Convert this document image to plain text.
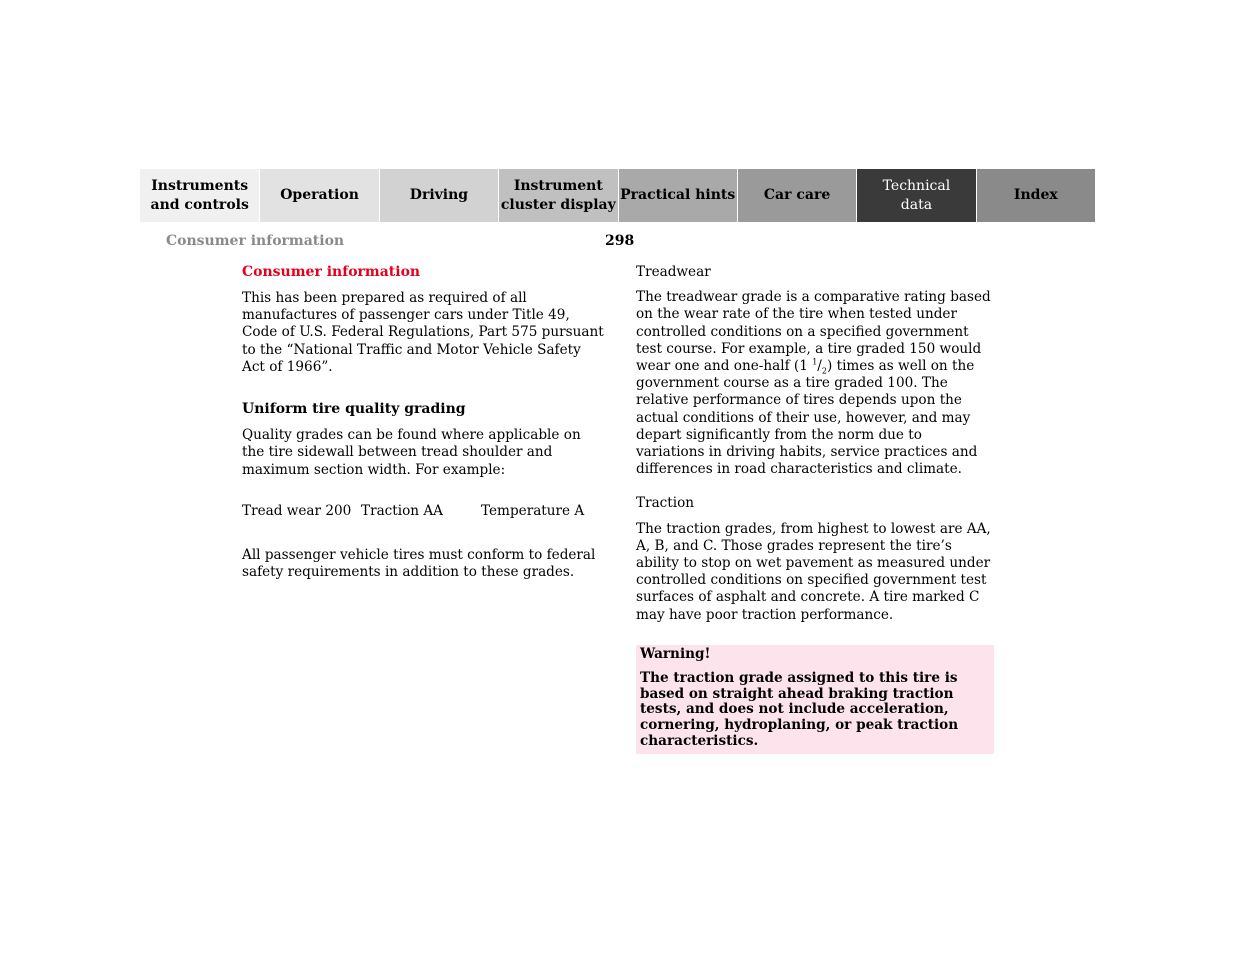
Instruments
and controls
Operation	Driving
Instrument
cluster display
Practical hints	Car care
Technical
data
Index
Consumer information	298

Consumer information

This has been prepared as required of all manufactures of passenger cars under Title 49, Code of U.S. Federal Regulations, Part 575 pursuant to the “National Traffic and Motor Vehicle Safety Act of 1966”.

Uniform tire quality grading

Quality grades can be found where applicable on the tire sidewall between tread shoulder and maximum section width. For example:

Tread wear 200 Traction AA	Temperature A

All passenger vehicle tires must conform to federal safety requirements in addition to these grades.

Treadwear

The treadwear grade is a comparative rating based on the wear rate of the tire when tested under controlled conditions on a specified government test course. For example, a tire graded 150 would wear one and one-half (1 $^1/_2$) times as well on the government course as a tire graded 100. The relative performance of tires depends upon the actual conditions of their use, however, and may depart significantly from the norm due to variations in driving habits, service practices and differences in road characteristics and climate.

Traction

The traction grades, from highest to lowest are AA, A, B, and C. Those grades represent the tire’s ability to stop on wet pavement as measured under controlled conditions on specified government test surfaces of asphalt and concrete. A tire marked C may have poor traction performance.

Warning!

The traction grade assigned to this tire is based on straight ahead braking traction tests, and does not include acceleration, cornering, hydroplaning, or peak traction characteristics.
